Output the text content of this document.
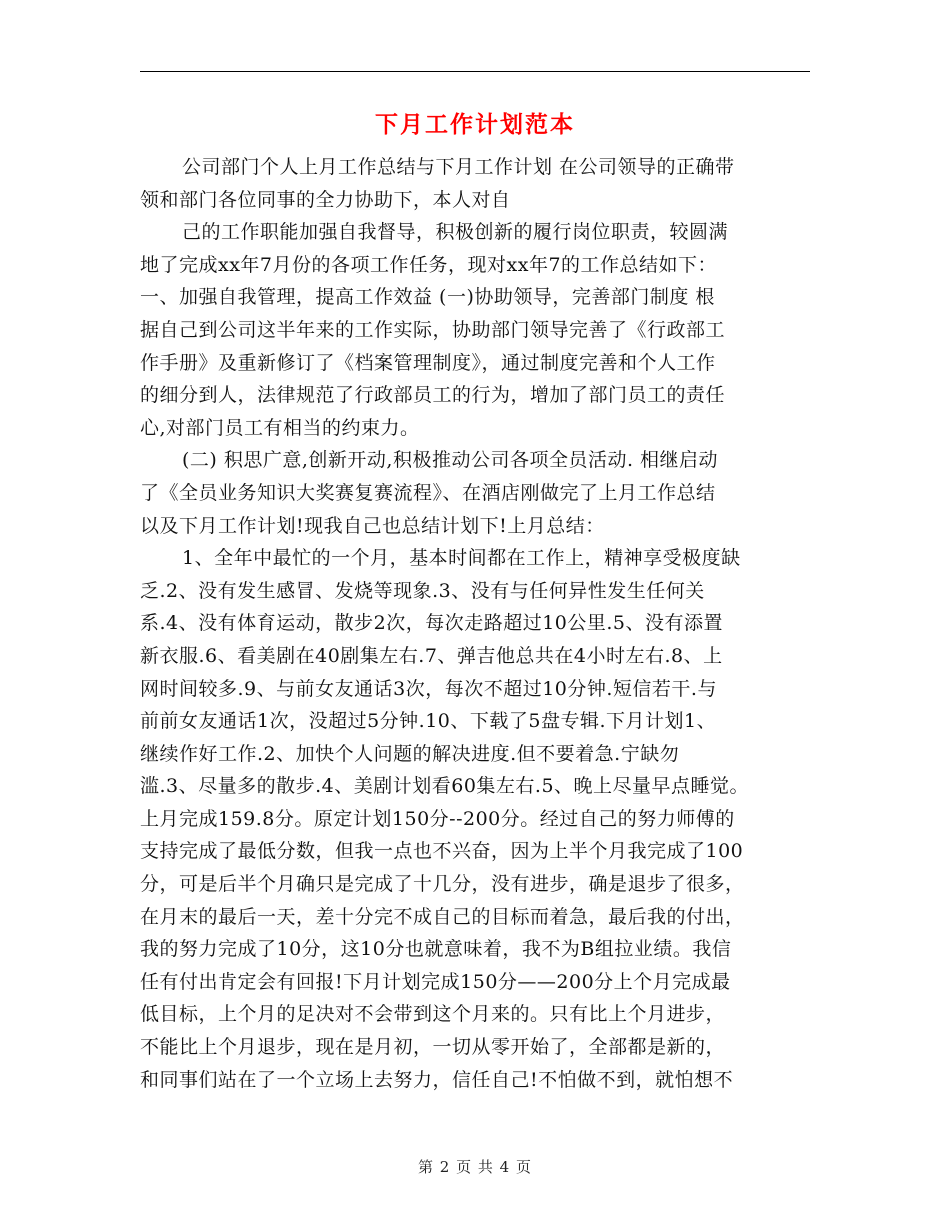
下月工作计划范本
公司部门个人上月工作总结与下月工作计划 在公司领导的正确带
领和部门各位同事的全力协助下，本人对自
己的工作职能加强自我督导，积极创新的履行岗位职责，较圆满
地了完成xx年7月份的各项工作任务，现对xx年7的工作总结如下：
一、加强自我管理，提高工作效益 (一)协助领导，完善部门制度 根
据自己到公司这半年来的工作实际，协助部门领导完善了《行政部工
作手册》及重新修订了《档案管理制度》，通过制度完善和个人工作
的细分到人，法律规范了行政部员工的行为，增加了部门员工的责任
心,对部门员工有相当的约束力。
(二) 积思广意,创新开动,积极推动公司各项全员活动. 相继启动
了《全员业务知识大奖赛复赛流程》、在酒店刚做完了上月工作总结
以及下月工作计划!现我自己也总结计划下!上月总结：
1、全年中最忙的一个月，基本时间都在工作上，精神享受极度缺
乏.2、没有发生感冒、发烧等现象.3、没有与任何异性发生任何关
系.4、没有体育运动，散步2次，每次走路超过10公里.5、没有添置
新衣服.6、看美剧在40剧集左右.7、弹吉他总共在4小时左右.8、上
网时间较多.9、与前女友通话3次，每次不超过10分钟.短信若干.与
前前女友通话1次，没超过5分钟.10、下载了5盘专辑.下月计划1、
继续作好工作.2、加快个人问题的解决进度.但不要着急.宁缺勿
滥.3、尽量多的散步.4、美剧计划看60集左右.5、晚上尽量早点睡觉。
上月完成159.8分。原定计划150分--200分。经过自己的努力师傅的
支持完成了最低分数，但我一点也不兴奋，因为上半个月我完成了100
分，可是后半个月确只是完成了十几分，没有进步，确是退步了很多，
在月末的最后一天，差十分完不成自己的目标而着急，最后我的付出，
我的努力完成了10分，这10分也就意味着，我不为B组拉业绩。我信
任有付出肯定会有回报!下月计划完成150分——200分上个月完成最
低目标，上个月的足决对不会带到这个月来的。只有比上个月进步，
不能比上个月退步，现在是月初，一切从零开始了，全部都是新的，
和同事们站在了一个立场上去努力，信任自己!不怕做不到，就怕想不
第 2 页 共 4 页
